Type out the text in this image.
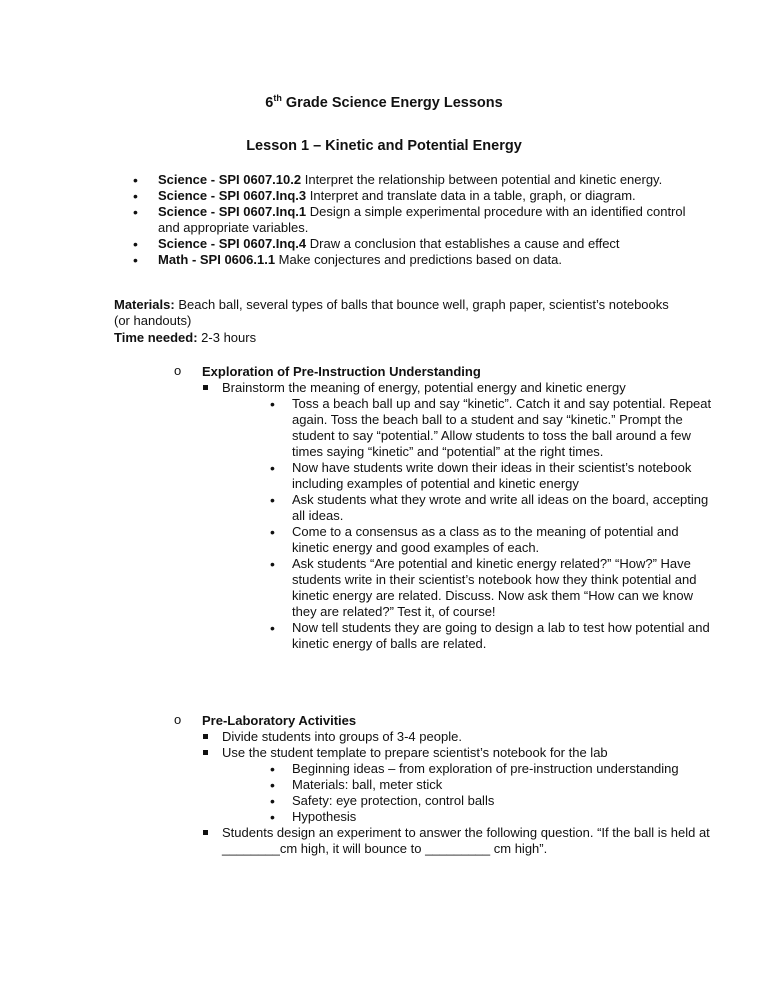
6th Grade Science Energy Lessons
Lesson 1 – Kinetic and Potential Energy
• Science - SPI 0607.10.2 Interpret the relationship between potential and kinetic energy.
• Science - SPI 0607.Inq.3 Interpret and translate data in a table, graph, or diagram.
• Science - SPI 0607.Inq.1 Design a simple experimental procedure with an identified control and appropriate variables.
• Science - SPI 0607.Inq.4 Draw a conclusion that establishes a cause and effect
• Math - SPI 0606.1.1 Make conjectures and predictions based on data.
Materials: Beach ball, several types of balls that bounce well, graph paper, scientist’s notebooks (or handouts)
Time needed: 2-3 hours
o Exploration of Pre-Instruction Understanding
Brainstorm the meaning of energy, potential energy and kinetic energy
• Toss a beach ball up and say “kinetic”. Catch it and say potential. Repeat again. Toss the beach ball to a student and say “kinetic.” Prompt the student to say “potential.” Allow students to toss the ball around a few times saying “kinetic” and “potential” at the right times.
• Now have students write down their ideas in their scientist’s notebook including examples of potential and kinetic energy
• Ask students what they wrote and write all ideas on the board, accepting all ideas.
• Come to a consensus as a class as to the meaning of potential and kinetic energy and good examples of each.
• Ask students “Are potential and kinetic energy related?” “How?” Have students write in their scientist’s notebook how they think potential and kinetic energy are related. Discuss. Now ask them “How can we know they are related?” Test it, of course!
• Now tell students they are going to design a lab to test how potential and kinetic energy of balls are related.
o Pre-Laboratory Activities
Divide students into groups of 3-4 people.
Use the student template to prepare scientist’s notebook for the lab
• Beginning ideas – from exploration of pre-instruction understanding
• Materials: ball, meter stick
• Safety: eye protection, control balls
• Hypothesis
Students design an experiment to answer the following question. “If the ball is held at ________cm high, it will bounce to _________ cm high”.
